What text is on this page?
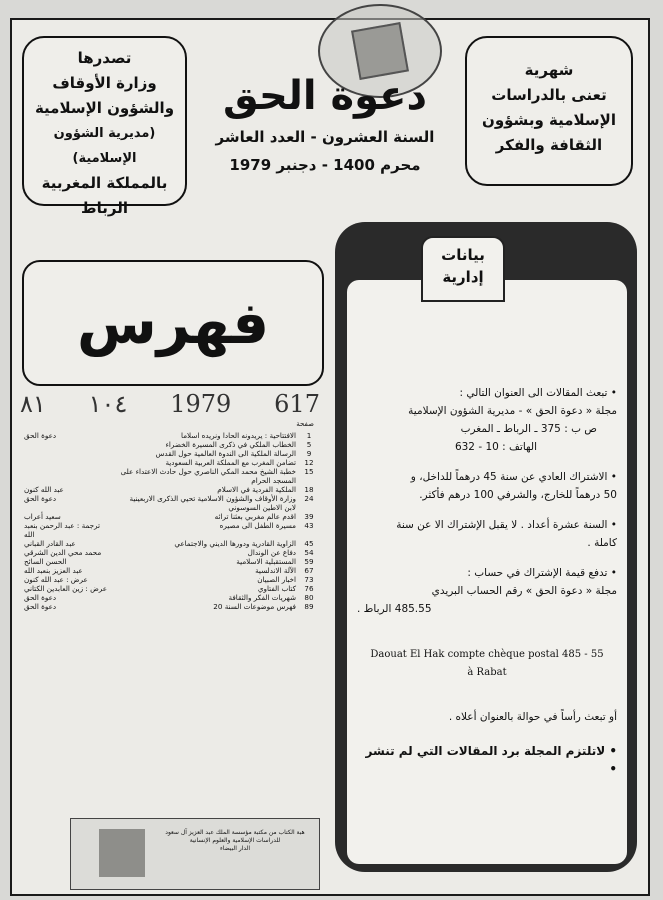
تصدرها
وزارة الأوقاف
والشؤون الإسلامية
(مديرية الشؤون الإسلامية)
بالمملكة المغربية
الرباط
دعوة الحق
السنة العشرون - العدد العاشر
محرم 1400 - دجنبر 1979
شهرية
تعنى بالدراسات
الإسلامية وبشؤون
الثقافة والفكر
فهرس
٨١ ١٠٤ 1979 617
صفحة
1
الافتتاحية : يريدونه الحادا ونريده اسلاما
دعوة الحق
5
الخطاب الملكي في ذكرى المسيرة الخضراء
9
الرسالة الملكية الى الندوة العالمية حول القدس
12
تضامن المغرب مع المملكة العربية السعودية
15
خطبة الشيخ محمد المكي الناصري حول حادث الاعتداء على المسجد الحرام
18
الملكية الفردية في الاسلام
عبد الله كنون
24
وزارة الأوقاف والشؤون الاسلامية تحيي الذكرى الاربعينية لابن الاطين السوسوني
دعوة الحق
39
اقدم عالم مغربي بعثنا ترائه
سعيد أعراب
43
مسيرة الطفل الى مصيره
ترجمة : عبد الرحمن بنعبد الله
45
الزاوية القادرية ودورها الديني والاجتماعي
عبد القادر القباني
54
دفاع عن الوندال
محمد محي الدين الشرقي
59
المستقبلية الاسلامية
الحسن السائح
67
الآلة الاندلسية
عبد العزيز بنعبد الله
73
اخبار الصبيان
عرض : عبد الله كنون
76
كتاب الفتاوي
عرض : زين العابدين الكتاني
80
شهريات الفكر والثقافة
دعوة الحق
89
فهرس موضوعات السنة 20
دعوة الحق

• تبعث المقالات الى العنوان التالي :

مجلة « دعوة الحق » - مديرية الشؤون الإسلامية

ص ب : 375 ـ الرباط ـ المغرب

الهاتف : 10 - 632

• الاشتراك العادي عن سنة 45 درهماً للداخل، و

50 درهماً للخارج، والشرفي 100 درهم فأكثر.

• السنة عشرة أعداد . لا يقبل الإشتراك الا عن سنة

كاملة .

• تدفع قيمة الإشتراك في حساب :

مجلة « دعوة الحق » رقم الحساب البريدي

485.55 الرباط .

Daouat El Hak compte chèque postal 485 - 55

à Rabat

أو تبعث رأساً في حوالة بالعنوان أعلاه .

• لاتلتزم المجلة برد المقالات التي لم تنشر •

بيانات
إدارية
هبة الكتاب من مكتبة مؤسسة الملك عبد العزيز آل سعود
للدراسات الإسلامية والعلوم الإنسانية
الدار البيضاء
